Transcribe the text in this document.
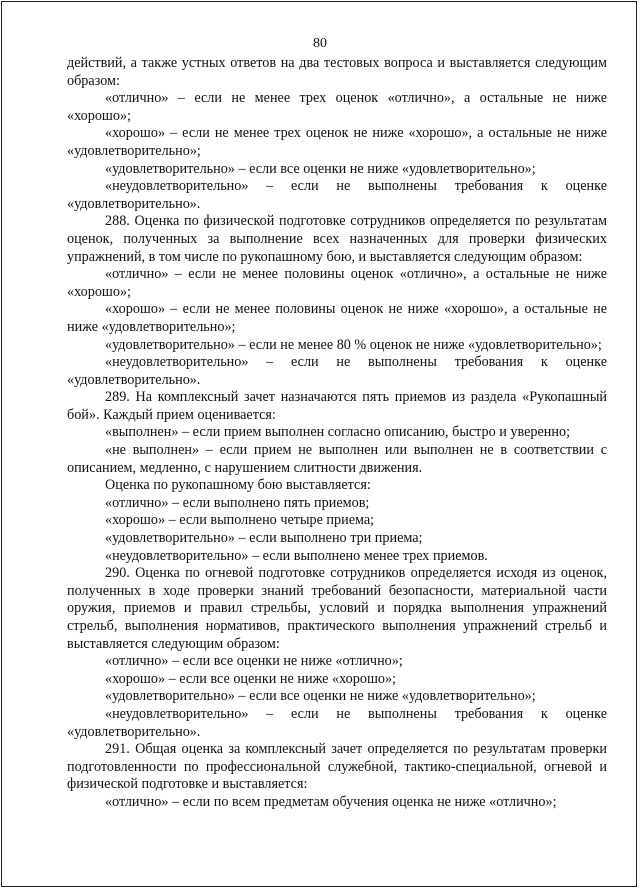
80

действий, а также устных ответов на два тестовых вопроса и выставляется следующим образом:

«отлично» – если не менее трех оценок «отлично», а остальные не ниже «хорошо»;

«хорошо» – если не менее трех оценок не ниже «хорошо», а остальные не ниже «удовлетворительно»;

«удовлетворительно» – если все оценки не ниже «удовлетворительно»;

«неудовлетворительно» – если не выполнены требования к оценке «удовлетворительно».

288. Оценка по физической подготовке сотрудников определяется по результатам оценок, полученных за выполнение всех назначенных для проверки физических упражнений, в том числе по рукопашному бою, и выставляется следующим образом:

«отлично» – если не менее половины оценок «отлично», а остальные не ниже «хорошо»;

«хорошо» – если не менее половины оценок не ниже «хорошо», а остальные не ниже «удовлетворительно»;

«удовлетворительно» – если не менее 80 % оценок не ниже «удовлетворительно»;

«неудовлетворительно» – если не выполнены требования к оценке «удовлетворительно».

289. На комплексный зачет назначаются пять приемов из раздела «Рукопашный бой». Каждый прием оценивается:

«выполнен» – если прием выполнен согласно описанию, быстро и уверенно;

«не выполнен» – если прием не выполнен или выполнен не в соответствии с описанием, медленно, с нарушением слитности движения.

Оценка по рукопашному бою выставляется:

«отлично» – если выполнено пять приемов;

«хорошо» – если выполнено четыре приема;

«удовлетворительно» – если выполнено три приема;

«неудовлетворительно» – если выполнено менее трех приемов.

290. Оценка по огневой подготовке сотрудников определяется исходя из оценок, полученных в ходе проверки знаний требований безопасности, материальной части оружия, приемов и правил стрельбы, условий и порядка выполнения упражнений стрельб, выполнения нормативов, практического выполнения упражнений стрельб и выставляется следующим образом:

«отлично» – если все оценки не ниже «отлично»;

«хорошо» – если все оценки не ниже «хорошо»;

«удовлетворительно» – если все оценки не ниже «удовлетворительно»;

«неудовлетворительно» – если не выполнены требования к оценке «удовлетворительно».

291. Общая оценка за комплексный зачет определяется по результатам проверки подготовленности по профессиональной служебной, тактико-специальной, огневой и физической подготовке и выставляется:

«отлично» – если по всем предметам обучения оценка не ниже «отлично»;
